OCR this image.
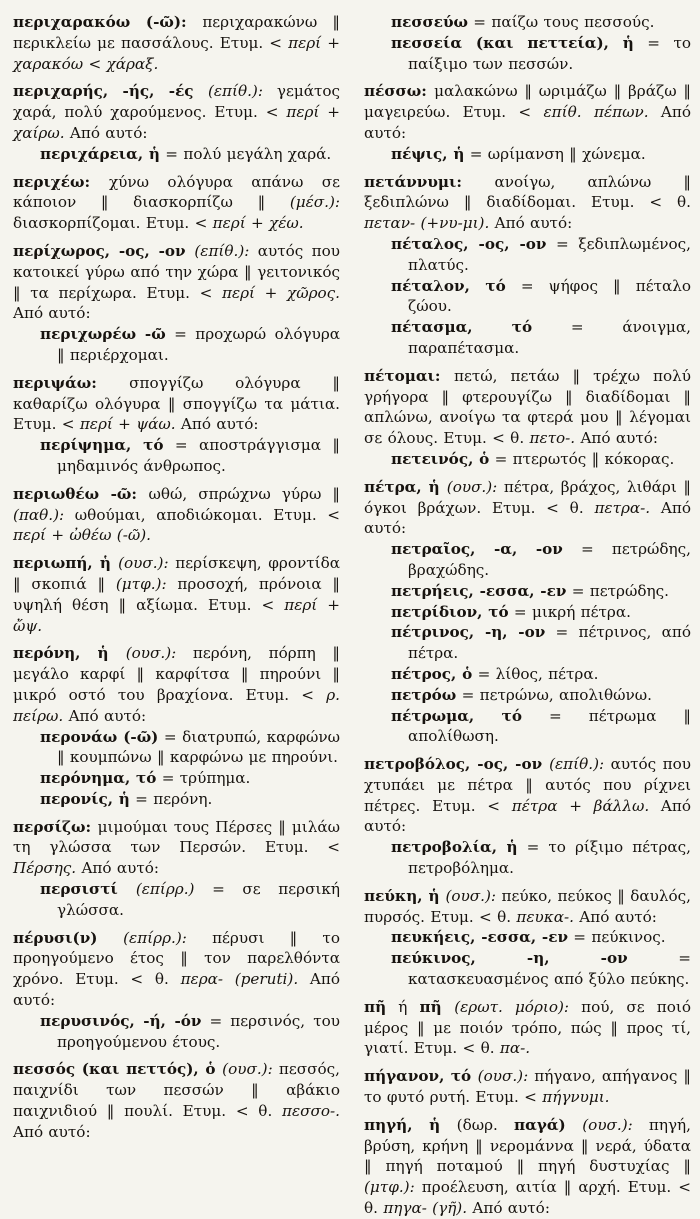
περιχαρακόω (-ῶ): περιχαρακώνω ‖ περικλείω με πασσάλους. Ετυμ. < περί + χαρακόω < χάραξ.

περιχαρής, -ής, -ές (επίθ.): γεμάτος χαρά, πολύ χαρούμενος. Ετυμ. < περί + χαίρω. Από αυτό:

περιχάρεια, ἡ = πολύ μεγάλη χαρά.

περιχέω: χύνω ολόγυρα απάνω σε κάποιον ‖ διασκορπίζω ‖ (μέσ.): διασκορπίζομαι. Ετυμ. < περί + χέω.

περίχωρος, -ος, -ον (επίθ.): αυτός που κατοικεί γύρω από την χώρα ‖ γειτονικός ‖ τα περίχωρα. Ετυμ. < περί + χῶρος. Από αυτό:

περιχωρέω -ῶ = προχωρώ ολόγυρα ‖ περιέρχομαι.

περιψάω: σπογγίζω ολόγυρα ‖ καθαρίζω ολόγυρα ‖ σπογγίζω τα μάτια. Ετυμ. < περί + ψάω. Από αυτό:

περίψημα, τό = αποστράγγισμα ‖ μηδαμινός άνθρωπος.

περιωθέω -ῶ: ωθώ, σπρώχνω γύρω ‖ (παθ.): ωθούμαι, αποδιώκομαι. Ετυμ. < περί + ὠθέω (-ῶ).

περιωπή, ἡ (ουσ.): περίσκεψη, φροντίδα ‖ σκοπιά ‖ (μτφ.): προσοχή, πρόνοια ‖ υψηλή θέση ‖ αξίωμα. Ετυμ. < περί + ὤψ.

περόνη, ἡ (ουσ.): περόνη, πόρπη ‖ μεγάλο καρφί ‖ καρφίτσα ‖ πηρούνι ‖ μικρό οστό του βραχίονα. Ετυμ. < ρ. πείρω. Από αυτό:

περονάω (-ῶ) = διατρυπώ, καρφώνω ‖ κουμπώνω ‖ καρφώνω με πηρούνι.

περόνημα, τό = τρύπημα.

περονίς, ἡ = περόνη.

περσίζω: μιμούμαι τους Πέρσες ‖ μιλάω τη γλώσσα των Περσών. Ετυμ. < Πέρσης. Από αυτό:

περσιστί (επίρρ.) = σε περσική γλώσσα.

πέρυσι(ν) (επίρρ.): πέρυσι ‖ το προηγούμενο έτος ‖ τον παρελθόντα χρόνο. Ετυμ. < θ. περα- (peruti). Από αυτό:

περυσινός, -ή, -όν = περσινός, του προηγούμενου έτους.

πεσσός (και πεττός), ὁ (ουσ.): πεσσός, παιχνίδι των πεσσών ‖ αβάκιο παιχνιδιού ‖ πουλί. Ετυμ. < θ. πεσσο-. Από αυτό:

πεσσεύω = παίζω τους πεσσούς.

πεσσεία (και πεττεία), ἡ = το παίξιμο των πεσσών.

πέσσω: μαλακώνω ‖ ωριμάζω ‖ βράζω ‖ μαγειρεύω. Ετυμ. < επίθ. πέπων. Από αυτό:

πέψις, ἡ = ωρίμανση ‖ χώνεμα.

πετάννυμι: ανοίγω, απλώνω ‖ ξεδιπλώνω ‖ διαδίδομαι. Ετυμ. < θ. πεταν- (+νυ-μι). Από αυτό:

πέταλος, -ος, -ον = ξεδιπλωμένος, πλατύς.

πέταλον, τό = ψήφος ‖ πέταλο ζώου.

πέτασμα, τό = άνοιγμα, παραπέτασμα.

πέτομαι: πετώ, πετάω ‖ τρέχω πολύ γρήγορα ‖ φτερουγίζω ‖ διαδίδομαι ‖ απλώνω, ανοίγω τα φτερά μου ‖ λέγομαι σε όλους. Ετυμ. < θ. πετο-. Από αυτό:

πετεινός, ὁ = πτερωτός ‖ κόκορας.

πέτρα, ἡ (ουσ.): πέτρα, βράχος, λιθάρι ‖ όγκοι βράχων. Ετυμ. < θ. πετρα-. Από αυτό:

πετραῖος, -α, -ον = πετρώδης, βραχώδης.

πετρήεις, -εσσα, -εν = πετρώδης.

πετρίδιον, τό = μικρή πέτρα.

πέτρινος, -η, -ον = πέτρινος, από πέτρα.

πέτρος, ὁ = λίθος, πέτρα.

πετρόω = πετρώνω, απολιθώνω.

πέτρωμα, τό = πέτρωμα ‖ απολίθωση.

πετροβόλος, -ος, -ον (επίθ.): αυτός που χτυπάει με πέτρα ‖ αυτός που ρίχνει πέτρες. Ετυμ. < πέτρα + βάλλω. Από αυτό:

πετροβολία, ἡ = το ρίξιμο πέτρας, πετροβόλημα.

πεύκη, ἡ (ουσ.): πεύκο, πεύκος ‖ δαυλός, πυρσός. Ετυμ. < θ. πευκα-. Από αυτό:

πευκήεις, -εσσα, -εν = πεύκινος.

πεύκινος, -η, -ον = κατασκευασμένος από ξύλο πεύκης.

πῆ ή πῆ (ερωτ. μόριο): πού, σε ποιό μέρος ‖ με ποιόν τρόπο, πώς ‖ προς τί, γιατί. Ετυμ. < θ. πα-.

πήγανον, τό (ουσ.): πήγανο, απήγανος ‖ το φυτό ρυτή. Ετυμ. < πήγνυμι.

πηγή, ἡ (δωρ. παγά) (ουσ.): πηγή, βρύση, κρήνη ‖ νερομάννα ‖ νερά, ύδατα ‖ πηγή ποταμού ‖ πηγή δυστυχίας ‖ (μτφ.): προέλευση, αιτία ‖ αρχή. Ετυμ. < θ. πηγα- (γῆ). Από αυτό:
